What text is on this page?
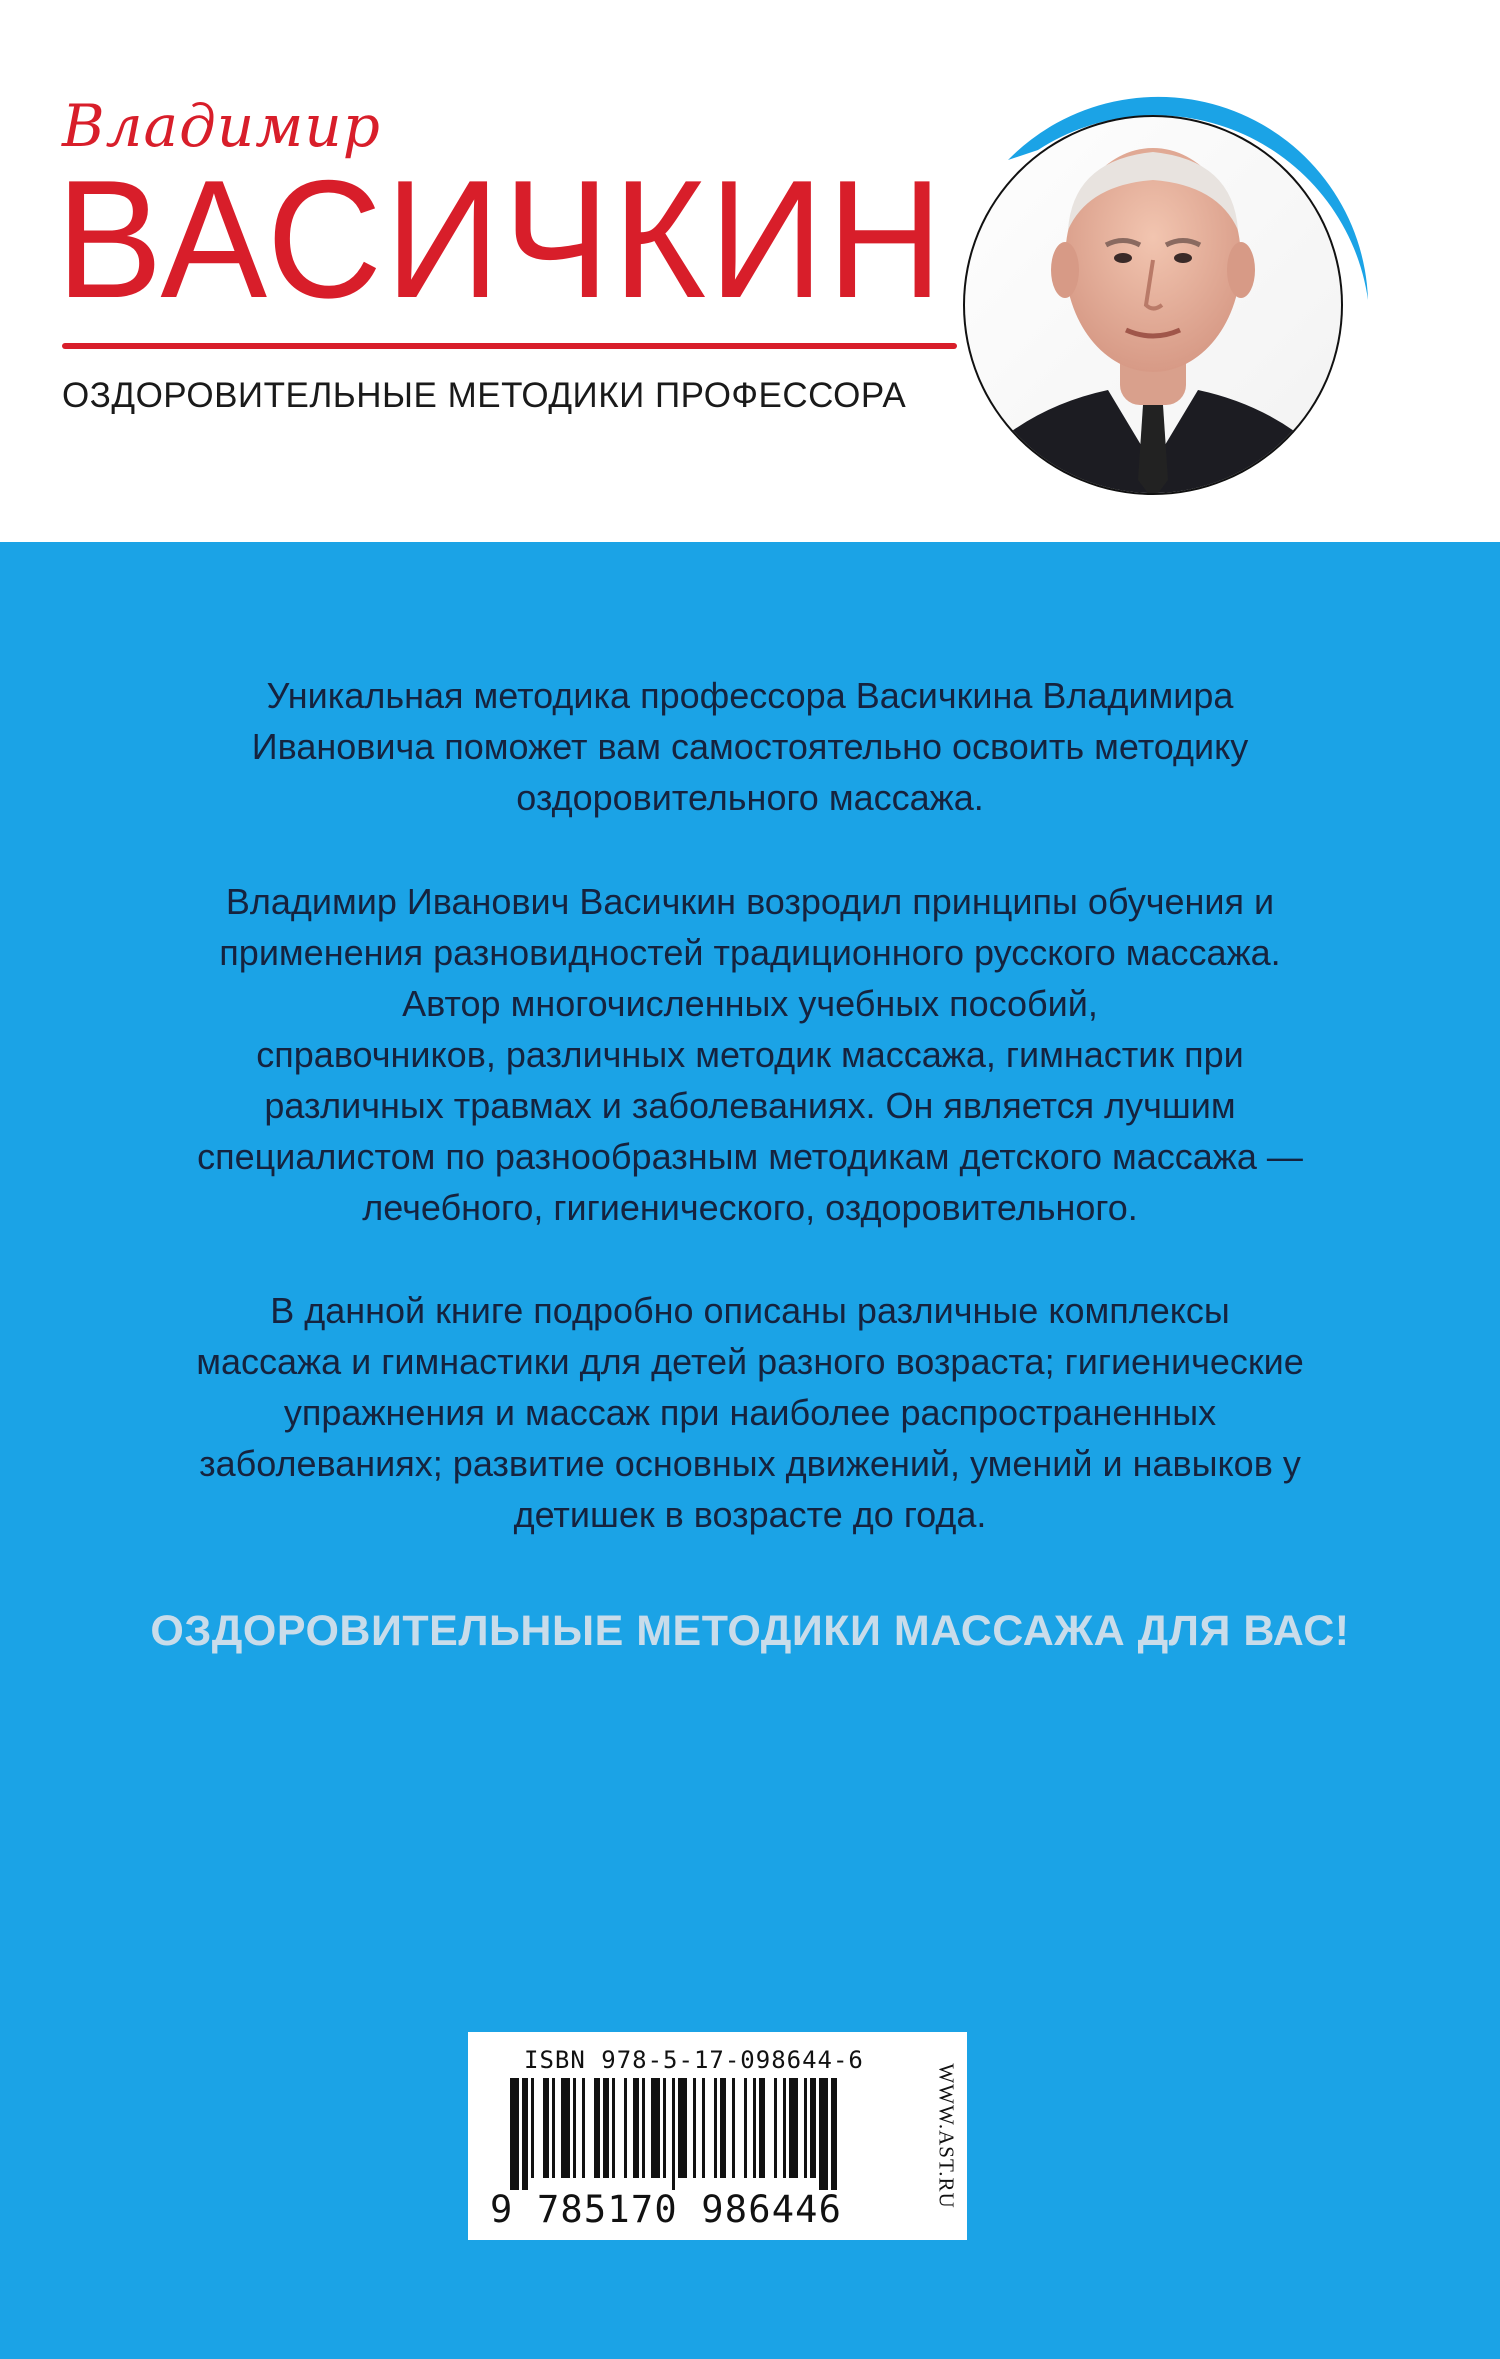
Владимир
ВАСИЧКИН
ОЗДОРОВИТЕЛЬНЫЕ МЕТОДИКИ ПРОФЕССОРА

Уникальная методика профессора Васичкина Владимира
Ивановича поможет вам самостоятельно освоить методику
оздоровительного массажа.

Владимир Иванович Васичкин возродил принципы обучения и
применения разновидностей традиционного русского массажа.
Автор многочисленных учебных пособий,
справочников, различных методик массажа, гимнастик при
различных травмах и заболеваниях. Он является лучшим
специалистом по разнообразным методикам детского массажа —
лечебного, гигиенического, оздоровительного.

В данной книге подробно описаны различные комплексы
массажа и гимнастики для детей разного возраста; гигиенические
упражнения и массаж при наиболее распространенных
заболеваниях; развитие основных движений, умений и навыков у
детишек в возрасте до года.

ОЗДОРОВИТЕЛЬНЫЕ МЕТОДИКИ МАССАЖА ДЛЯ ВАС!
ISBN 978-5-17-098644-6
9 785170 986446
WWW.AST.RU
